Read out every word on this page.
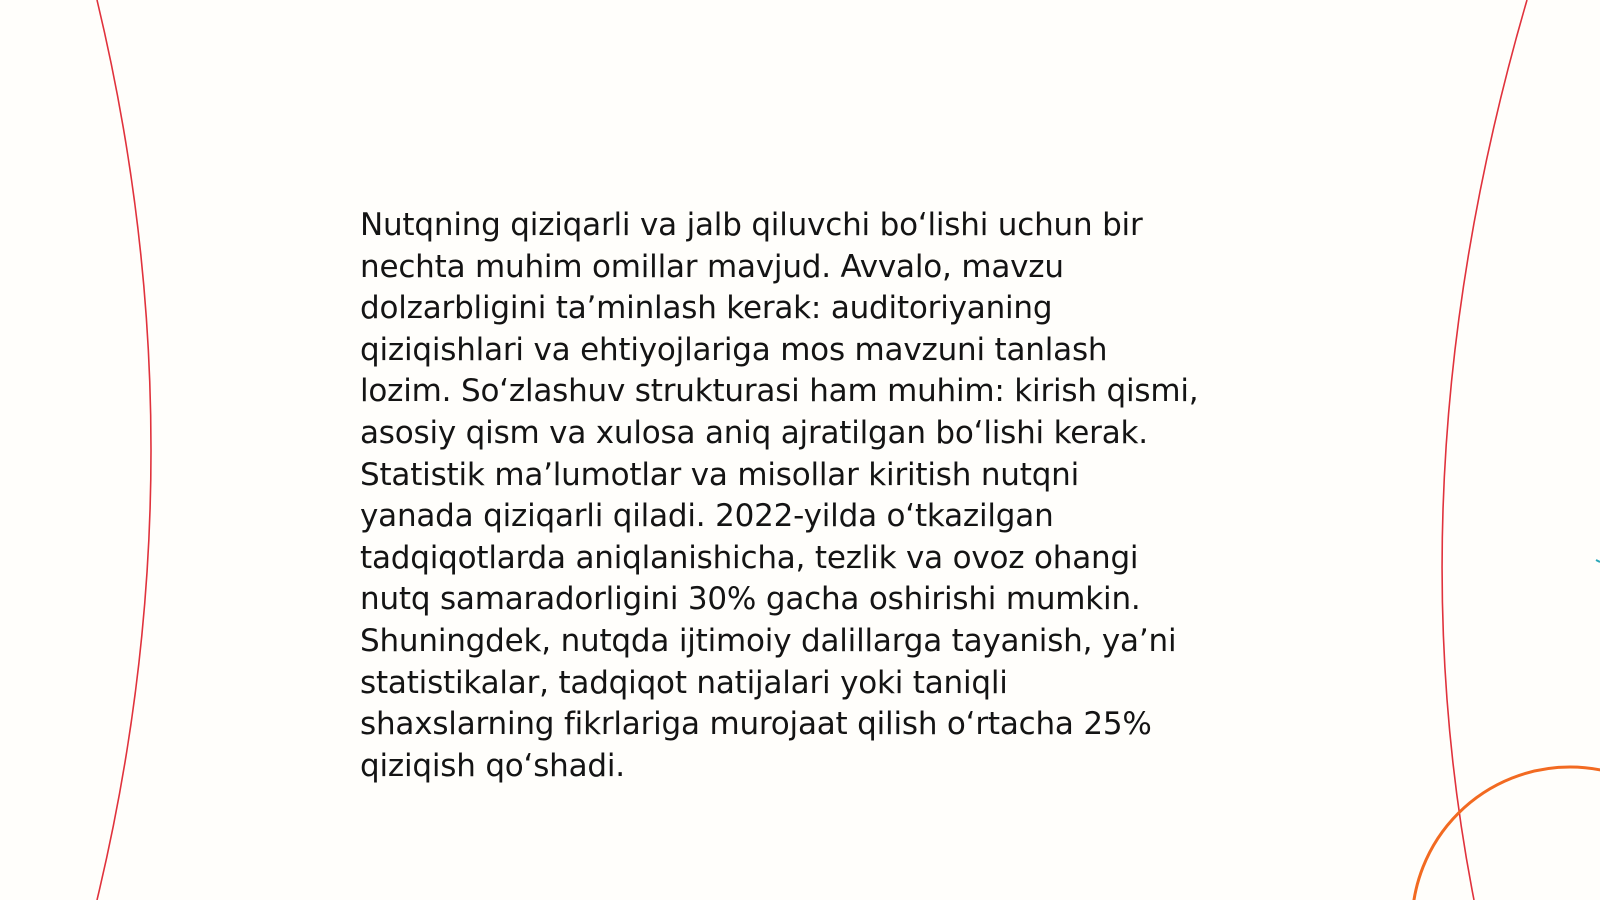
Nutqning qiziqarli va jalb qiluvchi bo‘lishi uchun bir
nechta muhim omillar mavjud. Avvalo, mavzu
dolzarbligini ta’minlash kerak: auditoriyaning
qiziqishlari va ehtiyojlariga mos mavzuni tanlash
lozim. So‘zlashuv strukturasi ham muhim: kirish qismi,
asosiy qism va xulosa aniq ajratilgan bo‘lishi kerak.
Statistik ma’lumotlar va misollar kiritish nutqni
yanada qiziqarli qiladi. 2022-yilda o‘tkazilgan
tadqiqotlarda aniqlanishicha, tezlik va ovoz ohangi
nutq samaradorligini 30% gacha oshirishi mumkin.
Shuningdek, nutqda ijtimoiy dalillarga tayanish, ya’ni
statistikalar, tadqiqot natijalari yoki taniqli
shaxslarning fikrlariga murojaat qilish o‘rtacha 25%
qiziqish qo‘shadi.
